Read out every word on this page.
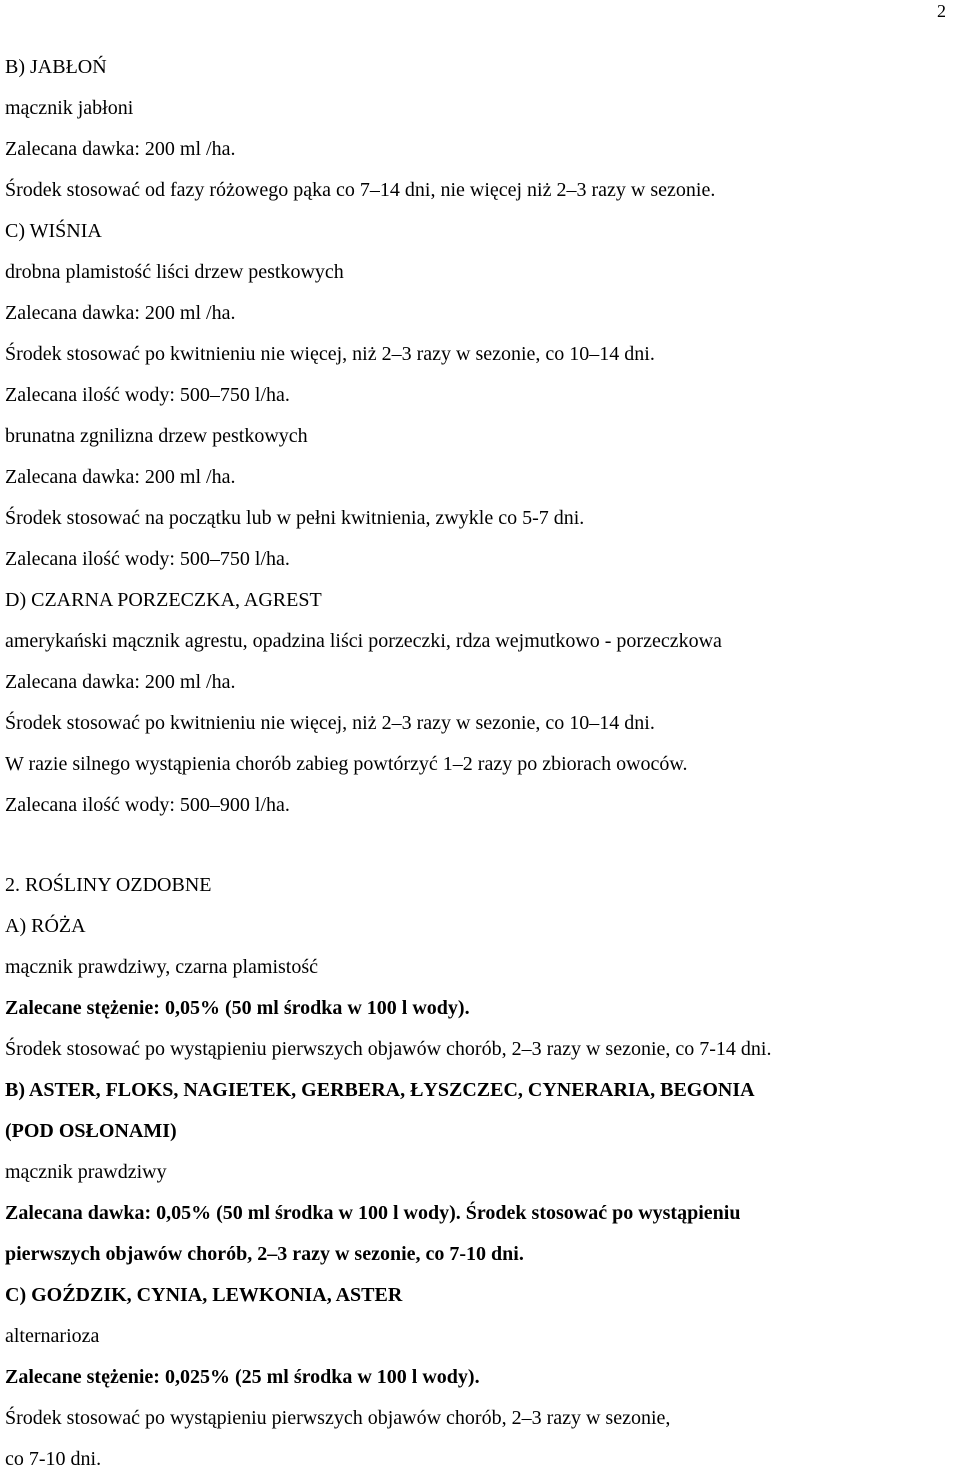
2

B) JABŁOŃ

mącznik jabłoni

Zalecana dawka: 200 ml /ha.

Środek stosować od fazy różowego pąka co 7–14 dni, nie więcej niż 2–3 razy w sezonie.

C) WIŚNIA

drobna plamistość liści drzew pestkowych

Zalecana dawka: 200 ml /ha.

Środek stosować po kwitnieniu nie więcej, niż 2–3 razy w sezonie, co 10–14 dni.

Zalecana ilość wody: 500–750 l/ha.

brunatna zgnilizna drzew pestkowych

Zalecana dawka: 200 ml /ha.

Środek stosować na początku lub w pełni kwitnienia, zwykle co 5-7 dni.

Zalecana ilość wody: 500–750 l/ha.

D) CZARNA PORZECZKA, AGREST

amerykański mącznik agrestu, opadzina liści porzeczki, rdza wejmutkowo - porzeczkowa

Zalecana dawka: 200 ml /ha.

Środek stosować po kwitnieniu nie więcej, niż 2–3 razy w sezonie, co 10–14 dni.

W razie silnego wystąpienia chorób zabieg powtórzyć 1–2 razy po zbiorach owoców.

Zalecana ilość wody: 500–900 l/ha.

2. ROŚLINY OZDOBNE

A) RÓŻA

mącznik prawdziwy, czarna plamistość

Zalecane stężenie: 0,05% (50 ml środka w 100 l wody).

Środek stosować po wystąpieniu pierwszych objawów chorób, 2–3 razy w sezonie, co 7-14 dni.

B) ASTER, FLOKS, NAGIETEK, GERBERA, ŁYSZCZEC, CYNERARIA, BEGONIA

(POD OSŁONAMI)

mącznik prawdziwy

Zalecana dawka: 0,05% (50 ml środka w 100 l wody). Środek stosować po wystąpieniu

pierwszych objawów chorób, 2–3 razy w sezonie, co 7-10 dni.

C) GOŹDZIK, CYNIA, LEWKONIA, ASTER

alternarioza

Zalecane stężenie: 0,025% (25 ml środka w 100 l wody).

Środek stosować po wystąpieniu pierwszych objawów chorób, 2–3 razy w sezonie,

co 7-10 dni.
